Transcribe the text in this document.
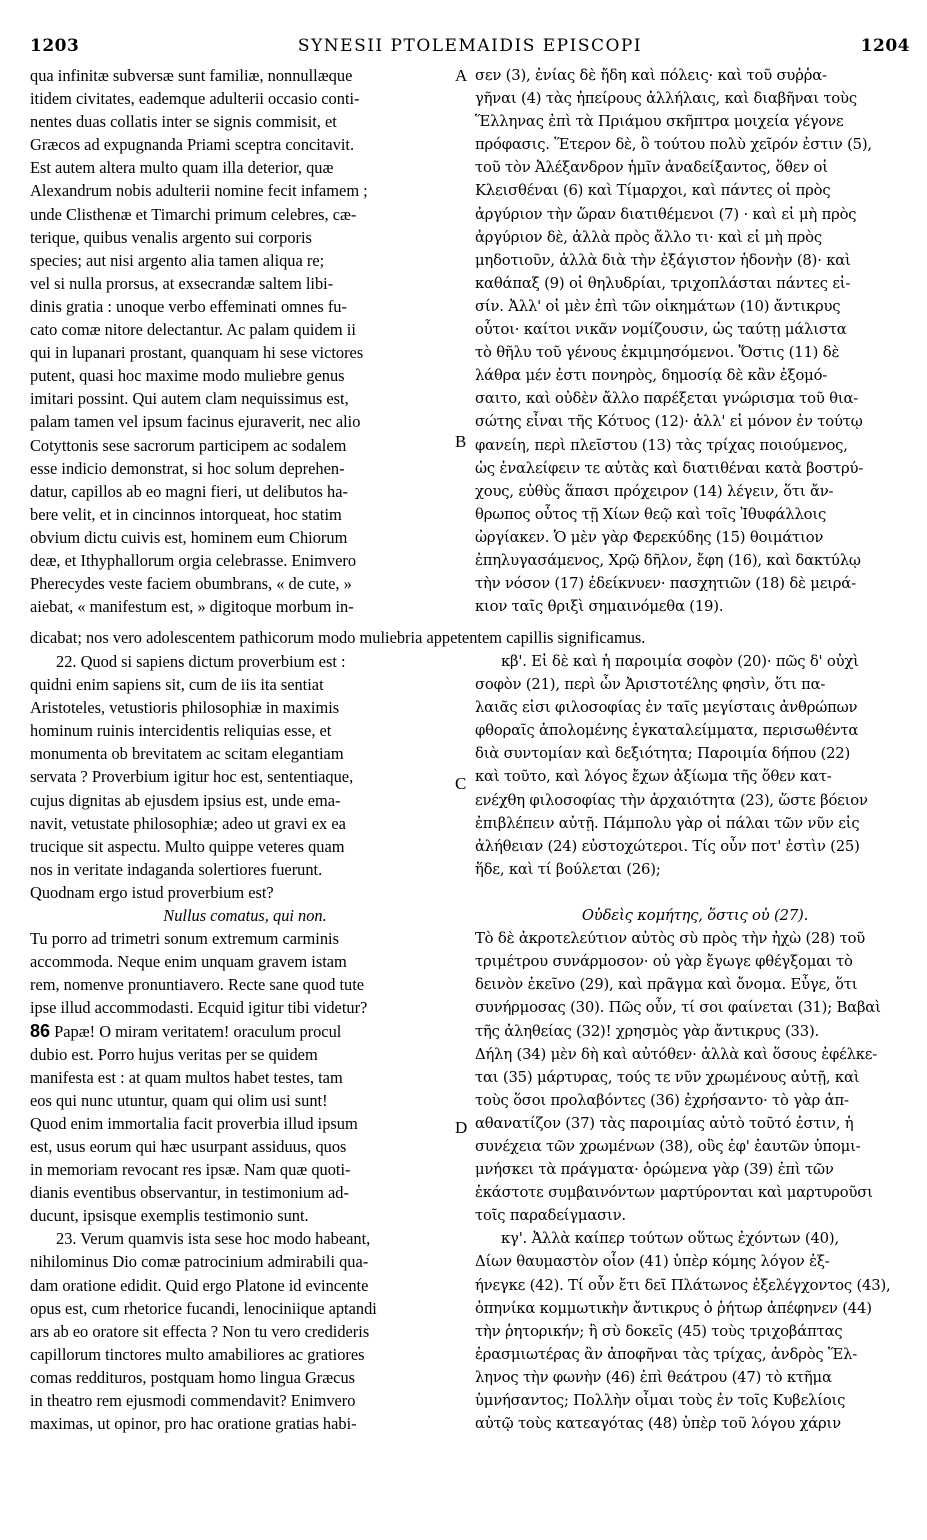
1203	SYNESII PTOLEMAIDIS EPISCOPI	1204
A
B
C
D
qua infinitæ subversæ sunt familiæ, nonnullæque
itidem civitates, eademque adulterii occasio conti-
nentes duas collatis inter se signis commisit, et
Græcos ad expugnanda Priami sceptra concitavit.
Est autem altera multo quam illa deterior, quæ
Alexandrum nobis adulterii nomine fecit infamem ;
unde Clisthenæ et Timarchi primum celebres, cæ-
terique, quibus venalis argento sui corporis
species; aut nisi argento alia tamen aliqua re;
vel si nulla prorsus, at exsecrandæ saltem libi-
dinis gratia : unoque verbo effeminati omnes fu-
cato comæ nitore delectantur. Ac palam quidem ii
qui in lupanari prostant, quanquam hi sese victores
putent, quasi hoc maxime modo muliebre genus
imitari possint. Qui autem clam nequissimus est,
palam tamen vel ipsum facinus ejuraverit, nec alio
Cotyttonis sese sacrorum participem ac sodalem
esse indicio demonstrat, si hoc solum deprehen-
datur, capillos ab eo magni fieri, ut delibutos ha-
bere velit, et in cincinnos intorqueat, hoc statim
obvium dictu cuivis est, hominem eum Chiorum
deæ, et Ithyphallorum orgia celebrasse. Enimvero
Pherecydes veste faciem obumbrans, « de cute, »
aiebat, « manifestum est, » digitoque morbum in-
σεν (3), ἐνίας δὲ ἤδη καὶ πόλεις· καὶ τοῦ συῤῥα-
γῆναι (4) τὰς ἠπείρους ἀλλήλαις, καὶ διαβῆναι τοὺς
Ἕλληνας ἐπὶ τὰ Πριάμου σκῆπτρα μοιχεία γέγονε
πρόφασις. Ἕτερον δὲ, ὃ τούτου πολὺ χεῖρόν ἐστιν (5),
τοῦ τὸν Ἀλέξανδρον ἡμῖν ἀναδείξαντος, ὅθεν οἱ
Κλεισθέναι (6) καὶ Τίμαρχοι, καὶ πάντες οἱ πρὸς
ἀργύριον τὴν ὥραν διατιθέμενοι (7) · καὶ εἰ μὴ πρὸς
ἀργύριον δὲ, ἀλλὰ πρὸς ἄλλο τι· καὶ εἰ μὴ πρὸς
μηδοτιοῦν, ἀλλὰ διὰ τὴν ἐξάγιστον ἡδονὴν (8)· καὶ
καθάπαξ (9) οἱ θηλυδρίαι, τριχοπλάσται πάντες εἰ-
σίν. Ἀλλ' οἱ μὲν ἐπὶ τῶν οἰκημάτων (10) ἄντικρυς
οὗτοι· καίτοι νικᾶν νομίζουσιν, ὡς ταύτῃ μάλιστα
τὸ θῆλυ τοῦ γένους ἐκμιμησόμενοι. Ὅστις (11) δὲ
λάθρα μέν ἐστι πονηρὸς, δημοσίᾳ δὲ κἂν ἐξομό-
σαιτο, καὶ οὐδὲν ἄλλο παρέξεται γνώρισμα τοῦ θια-
σώτης εἶναι τῆς Κότυος (12)· ἀλλ' εἰ μόνον ἐν τούτῳ
φανείη, περὶ πλεῖστου (13) τὰς τρίχας ποιούμενος,
ὡς ἐναλείφειν τε αὐτὰς καὶ διατιθέναι κατὰ βοστρύ-
χους, εὐθὺς ἅπασι πρόχειρον (14) λέγειν, ὅτι ἄν-
θρωπος οὗτος τῇ Χίων θεῷ καὶ τοῖς Ἰθυφάλλοις
ὠργίακεν. Ὁ μὲν γὰρ Φερεκύδης (15) θοιμάτιον
ἐπηλυγασάμενος, Χρῷ δῆλον, ἔφη (16), καὶ δακτύλῳ
τὴν νόσον (17) ἐδείκνυεν· πασχητιῶν (18) δὲ μειρά-
κιον ταῖς θριξὶ σημαινόμεθα (19).
dicabat; nos vero adolescentem pathicorum modo muliebria appetentem capillis significamus.
22. Quod si sapiens dictum proverbium est :
quidni enim sapiens sit, cum de iis ita sentiat
Aristoteles, vetustioris philosophiæ in maximis
hominum ruinis intercidentis reliquias esse, et
monumenta ob brevitatem ac scitam elegantiam
servata ? Proverbium igitur hoc est, sententiaque,
cujus dignitas ab ejusdem ipsius est, unde ema-
navit, vetustate philosophiæ; adeo ut gravi ex ea
trucique sit aspectu. Multo quippe veteres quam
nos in veritate indaganda solertiores fuerunt.
Quodnam ergo istud proverbium est?
Nullus comatus, qui non.
Tu porro ad trimetri sonum extremum carminis
accommoda. Neque enim unquam gravem istam
rem, nomenve pronuntiavero. Recte sane quod tute
ipse illud accommodasti. Ecquid igitur tibi videtur?
86 Papæ! O miram veritatem! oraculum procul
dubio est. Porro hujus veritas per se quidem
manifesta est : at quam multos habet testes, tam
eos qui nunc utuntur, quam qui olim usi sunt!
Quod enim immortalia facit proverbia illud ipsum
est, usus eorum qui hæc usurpant assiduus, quos
in memoriam revocant res ipsæ. Nam quæ quoti-
dianis eventibus observantur, in testimonium ad-
ducunt, ipsisque exemplis testimonio sunt.
23. Verum quamvis ista sese hoc modo habeant,
nihilominus Dio comæ patrocinium admirabili qua-
dam oratione edidit. Quid ergo Platone id evincente
opus est, cum rhetorice fucandi, lenociniique aptandi
ars ab eo oratore sit effecta ? Non tu vero credideris
capillorum tinctores multo amabiliores ac gratiores
comas reddituros, postquam homo lingua Græcus
in theatro rem ejusmodi commendavit? Enimvero
maximas, ut opinor, pro hac oratione gratias habi-
κβ'. Εἰ δὲ καὶ ἡ παροιμία σοφὸν (20)· πῶς δ' οὐχὶ
σοφὸν (21), περὶ ὧν Ἀριστοτέλης φησὶν, ὅτι πα-
λαιᾶς εἰσι φιλοσοφίας ἐν ταῖς μεγίσταις ἀνθρώπων
φθοραῖς ἀπολομένης ἐγκαταλείμματα, περισωθέντα
διὰ συντομίαν καὶ δεξιότητα; Παροιμία δήπου (22)
καὶ τοῦτο, καὶ λόγος ἔχων ἀξίωμα τῆς ὅθεν κατ-
ενέχθη φιλοσοφίας τὴν ἀρχαιότητα (23), ὥστε βόειον
ἐπιβλέπειν αὐτῇ. Πάμπολυ γὰρ οἱ πάλαι τῶν νῦν εἰς
ἀλήθειαν (24) εὐστοχώτεροι. Τίς οὖν ποτ' ἐστὶν (25)
ἥδε, καὶ τί βούλεται (26);
Οὐδεὶς κομήτης, ὅστις οὐ (27).
Τὸ δὲ ἀκροτελεύτιον αὐτὸς σὺ πρὸς τὴν ἠχὼ (28) τοῦ
τριμέτρου συνάρμοσον· οὐ γὰρ ἔγωγε φθέγξομαι τὸ
δεινὸν ἐκεῖνο (29), καὶ πρᾶγμα καὶ ὄνομα. Εὖγε, ὅτι
συνήρμοσας (30). Πῶς οὖν, τί σοι φαίνεται (31); Βαβαὶ
τῆς ἀληθείας (32)! χρησμὸς γὰρ ἄντικρυς (33).
Δήλη (34) μὲν δὴ καὶ αὐτόθεν· ἀλλὰ καὶ ὅσους ἐφέλκε-
ται (35) μάρτυρας, τούς τε νῦν χρωμένους αὐτῇ, καὶ
τοὺς ὅσοι προλαβόντες (36) ἐχρήσαντο· τὸ γὰρ ἀπ-
αθανατίζον (37) τὰς παροιμίας αὐτὸ τοῦτό ἐστιν, ἡ
συνέχεια τῶν χρωμένων (38), οὓς ἐφ' ἑαυτῶν ὑπομι-
μνήσκει τὰ πράγματα· ὁρώμενα γὰρ (39) ἐπὶ τῶν
ἑκάστοτε συμβαινόντων μαρτύρονται καὶ μαρτυροῦσι
τοῖς παραδείγμασιν.
κγ'. Ἀλλὰ καίπερ τούτων οὕτως ἐχόντων (40),
Δίων θαυμαστὸν οἷον (41) ὑπὲρ κόμης λόγον ἐξ-
ήνεγκε (42). Τί οὖν ἔτι δεῖ Πλάτωνος ἐξελέγχοντος (43),
ὁπηνίκα κομμωτικὴν ἄντικρυς ὁ ῥήτωρ ἀπέφηνεν (44)
τὴν ῥητορικήν; ἢ σὺ δοκεῖς (45) τοὺς τριχοβάπτας
ἐρασμιωτέρας ἂν ἀποφῆναι τὰς τρίχας, ἀνδρὸς Ἕλ-
ληνος τὴν φωνὴν (46) ἐπὶ θεάτρου (47) τὸ κτῆμα
ὑμνήσαντος; Πολλὴν οἶμαι τοὺς ἐν τοῖς Κυβελίοις
αὐτῷ τοὺς κατεαγότας (48) ὑπὲρ τοῦ λόγου χάριν
